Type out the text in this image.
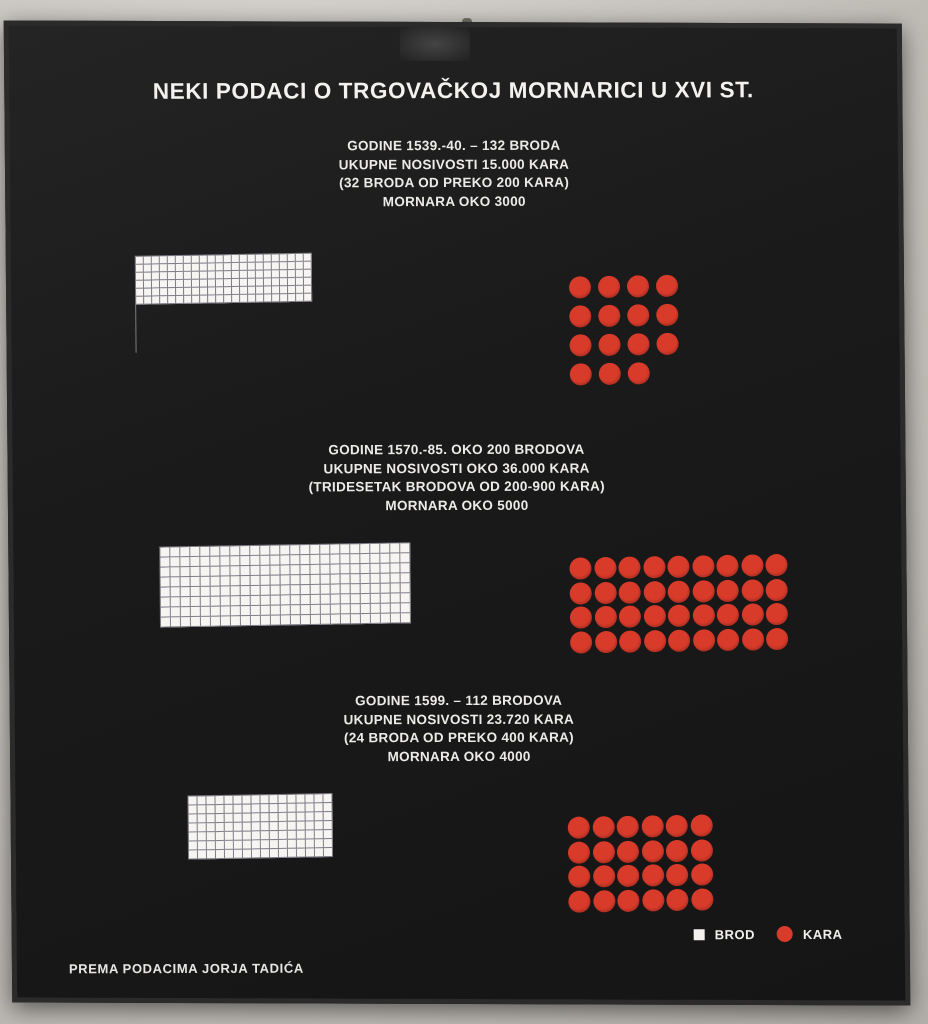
NEKI PODACI O TRGOVAČKOJ MORNARICI U XVI ST.
GODINE 1539.-40. – 132 BRODA
UKUPNE NOSIVOSTI 15.000 KARA
(32 BRODA OD PREKO 200 KARA)
MORNARA OKO 3000
GODINE 1570.-85. OKO 200 BRODOVA
UKUPNE NOSIVOSTI OKO 36.000 KARA
(TRIDESETAK BRODOVA OD 200-900 KARA)
MORNARA OKO 5000
GODINE 1599. – 112 BRODOVA
UKUPNE NOSIVOSTI 23.720 KARA
(24 BRODA OD PREKO 400 KARA)
MORNARA OKO 4000
BROD	KARA
PREMA PODACIMA JORJA TADIĆA
